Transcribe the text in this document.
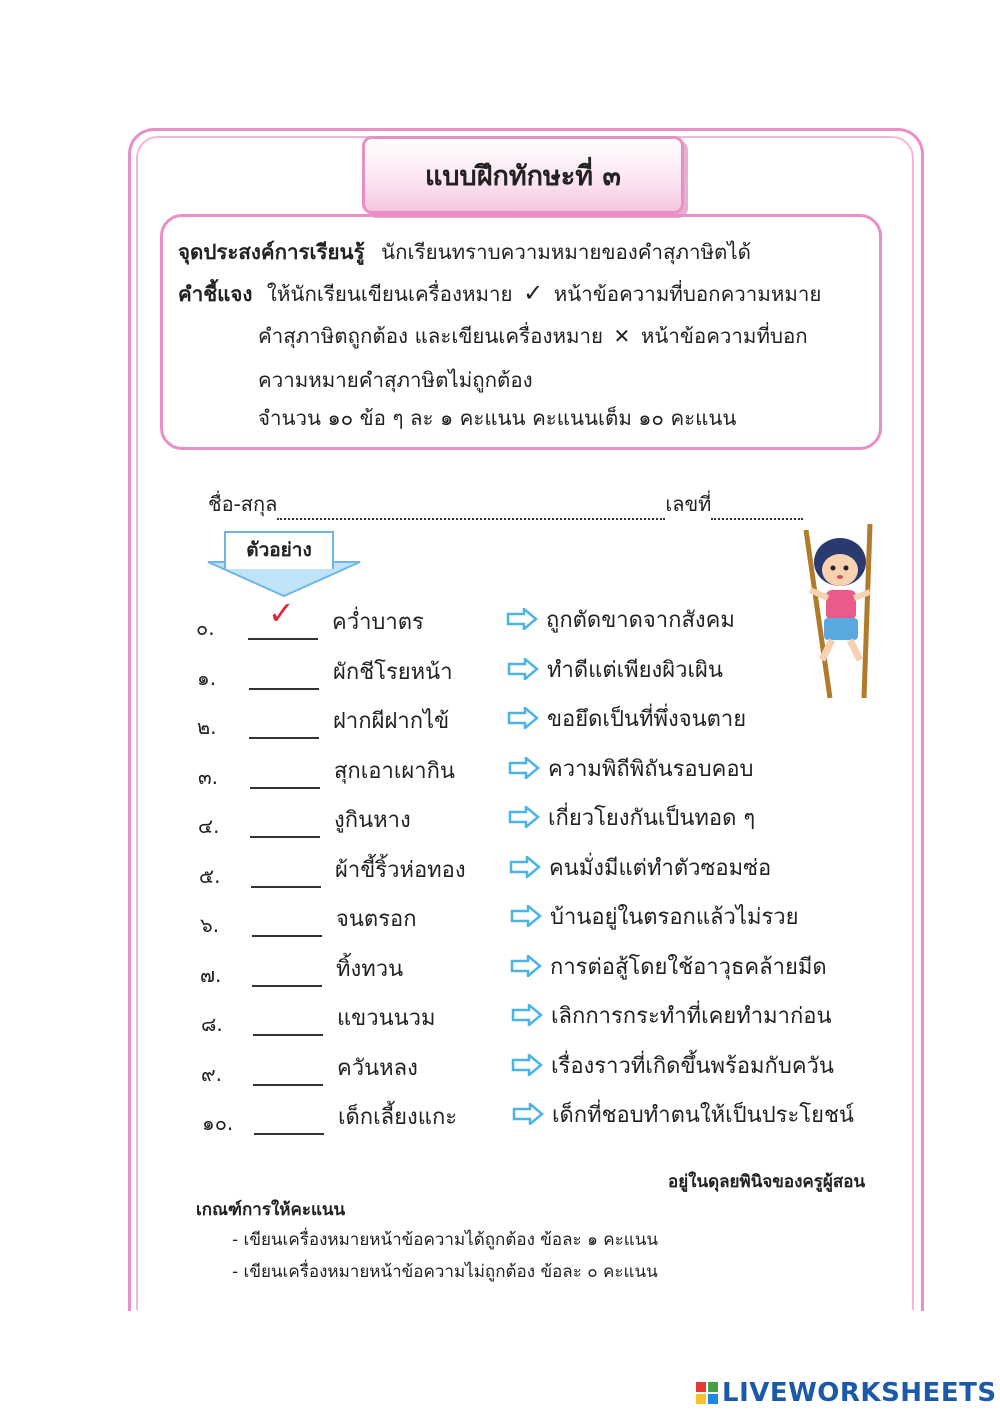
แบบฝึกทักษะที่ ๓
จุดประสงค์การเรียนรู้ นักเรียนทราบความหมายของคำสุภาษิตได้
คำชี้แจง ให้นักเรียนเขียนเครื่องหมาย ✓ หน้าข้อความที่บอกความหมาย
คำสุภาษิตถูกต้อง และเขียนเครื่องหมาย ✕ หน้าข้อความที่บอก
ความหมายคำสุภาษิตไม่ถูกต้อง
จำนวน ๑๐ ข้อ ๆ ละ ๑ คะแนน คะแนนเต็ม ๑๐ คะแนน
ชื่อ-สกุล	เลขที่
ตัวอย่าง
๐. ✓ คว่ำบาตร	ถูกตัดขาดจากสังคม
๑.	ผักชีโรยหน้า	ทำดีแต่เพียงผิวเผิน
๒.	ฝากผีฝากไข้	ขอยึดเป็นที่พึ่งจนตาย
๓.	สุกเอาเผากิน	ความพิถีพิถันรอบคอบ
๔.	งูกินหาง	เกี่ยวโยงกันเป็นทอด ๆ
๕.	ผ้าขี้ริ้วห่อทอง	คนมั่งมีแต่ทำตัวซอมซ่อ
๖.	จนตรอก	บ้านอยู่ในตรอกแล้วไม่รวย
๗.	ทิ้งทวน	การต่อสู้โดยใช้อาวุธคล้ายมีด
๘.	แขวนนวม	เลิกการกระทำที่เคยทำมาก่อน
๙.	ควันหลง	เรื่องราวที่เกิดขึ้นพร้อมกับควัน
๑๐.	เด็กเลี้ยงแกะ	เด็กที่ชอบทำตนให้เป็นประโยชน์
อยู่ในดุลยพินิจของครูผู้สอน
เกณฑ์การให้คะแนน
- เขียนเครื่องหมายหน้าข้อความได้ถูกต้อง ข้อละ ๑ คะแนน
- เขียนเครื่องหมายหน้าข้อความไม่ถูกต้อง ข้อละ ๐ คะแนน
LIVEWORKSHEETS
